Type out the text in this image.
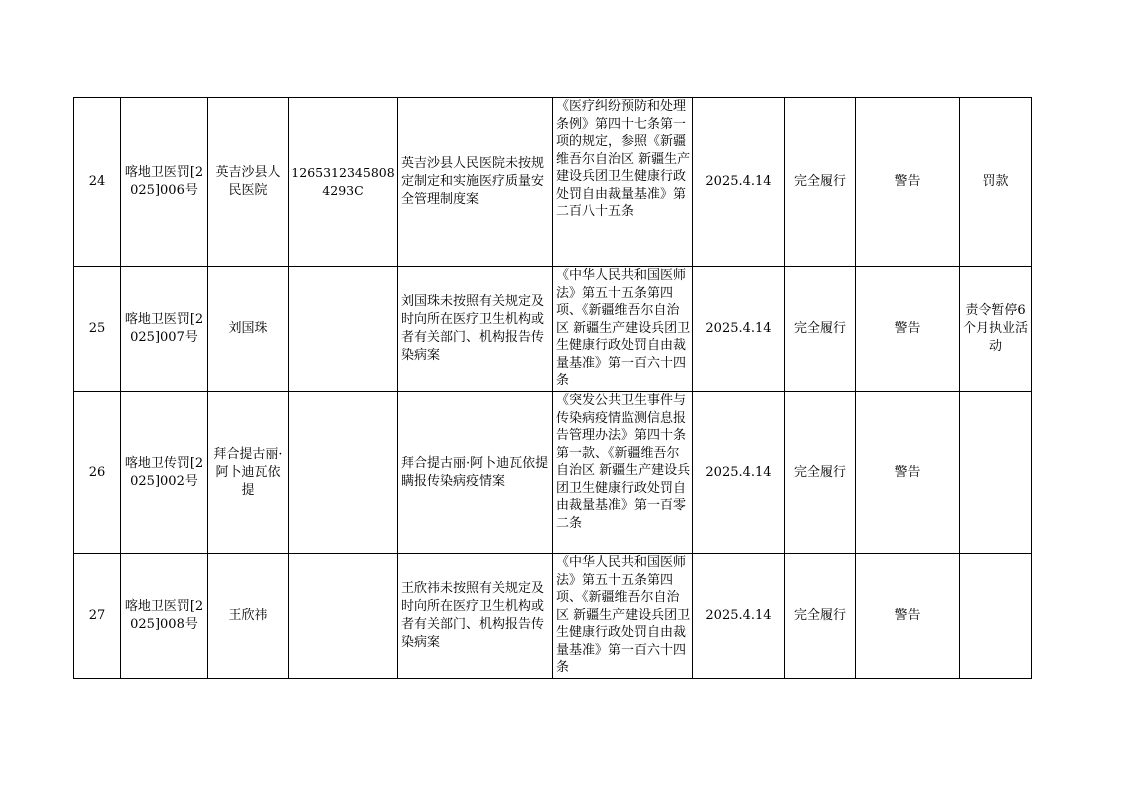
24	喀地卫医罚[2025]006号	英吉沙县人民医院	12653123458084293C	英吉沙县人民医院未按规定制定和实施医疗质量安全管理制度案	《医疗纠纷预防和处理条例》第四十七条第一项的规定，参照《新疆维吾尔自治区 新疆生产建设兵团卫生健康行政处罚自由裁量基准》第二百八十五条	2025.4.14	完全履行	警告	罚款
25	喀地卫医罚[2025]007号	刘国珠		刘国珠未按照有关规定及时向所在医疗卫生机构或者有关部门、机构报告传染病案	《中华人民共和国医师法》第五十五条第四项、《新疆维吾尔自治区 新疆生产建设兵团卫生健康行政处罚自由裁量基准》第一百六十四条	2025.4.14	完全履行	警告	责令暂停6个月执业活动
26	喀地卫传罚[2025]002号	拜合提古丽·阿卜迪瓦依提		拜合提古丽·阿卜迪瓦依提瞒报传染病疫情案	《突发公共卫生事件与传染病疫情监测信息报告管理办法》第四十条第一款、《新疆维吾尔自治区 新疆生产建设兵团卫生健康行政处罚自由裁量基准》第一百零二条	2025.4.14	完全履行	警告	
27	喀地卫医罚[2025]008号	王欣祎		王欣祎未按照有关规定及时向所在医疗卫生机构或者有关部门、机构报告传染病案	《中华人民共和国医师法》第五十五条第四项、《新疆维吾尔自治区 新疆生产建设兵团卫生健康行政处罚自由裁量基准》第一百六十四条	2025.4.14	完全履行	警告	
